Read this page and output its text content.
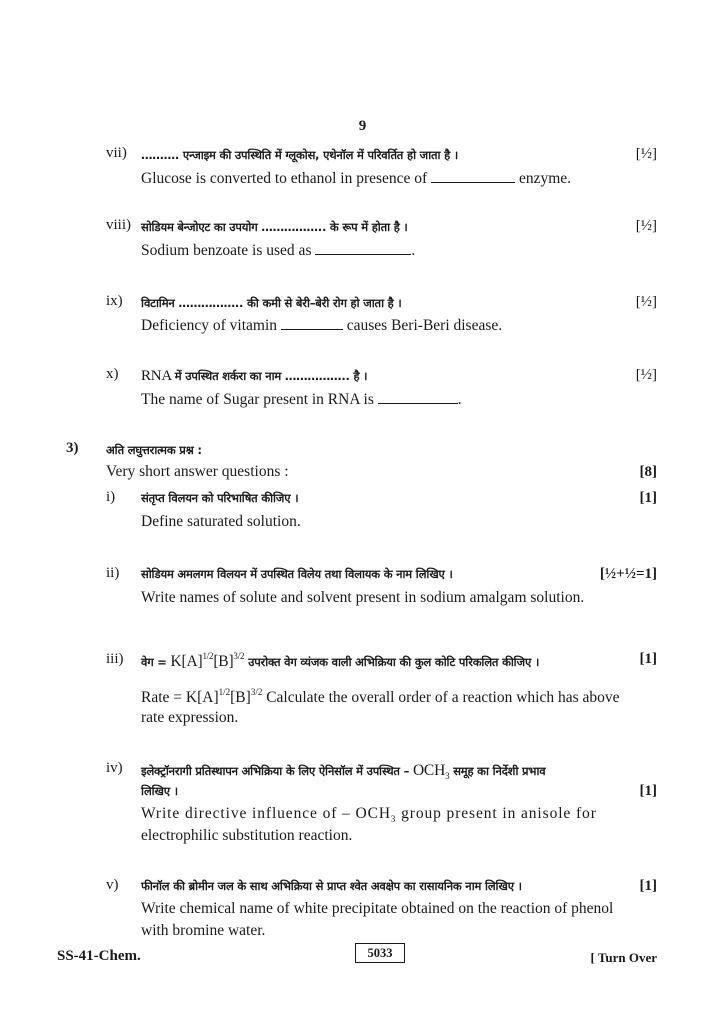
9
vii) ………. एन्जाइम की उपस्थिति में ग्लूकोस, एथेनॉल में परिवर्तित हो जाता है ।	[½]
Glucose is converted to ethanol in presence of	enzyme.
viii) सोडियम बेन्जोएट का उपयोग …………….. के रूप में होता है ।	[½]
Sodium benzoate is used as	.
ix) विटामिन …………….. की कमी से बेरी–बेरी रोग हो जाता है ।	[½]
Deficiency of vitamin	causes Beri-Beri disease.
x) RNA में उपस्थित शर्करा का नाम …………….. है ।	[½]
The name of Sugar present in RNA is	.
3) अति लघुत्तरात्मक प्रश्न :
Very short answer questions :	[8]
i) संतृप्त विलयन को परिभाषित कीजिए ।	[1]
Define saturated solution.
ii) सोडियम अमलगम विलयन में उपस्थित विलेय तथा विलायक के नाम लिखिए ।	[½+½=1]
Write names of solute and solvent present in sodium amalgam solution.
iii) वेग = $K[A]^{1/2}[B]^{3/2}$ उपरोक्त वेग व्यंजक वाली अभिक्रिया की कुल कोटि परिकलित कीजिए ।	[1]
Rate = $K[A]^{1/2}[B]^{3/2}$ Calculate the overall order of a reaction which has above
rate expression.
iv) इलेक्ट्रॉनरागी प्रतिस्थापन अभिक्रिया के लिए ऐनिसॉल में उपस्थित – $OCH_3$ समूह का निर्देशी प्रभाव
लिखिए ।	[1]
Write directive influence of – $OCH_3$ group present in anisole for
electrophilic substitution reaction.
v) फीनॉल की ब्रोमीन जल के साथ अभिक्रिया से प्राप्त श्वेत अवक्षेप का रासायनिक नाम लिखिए ।	[1]
Write chemical name of white precipitate obtained on the reaction of phenol
with bromine water.
SS-41-Chem.	5033	[ Turn Over
